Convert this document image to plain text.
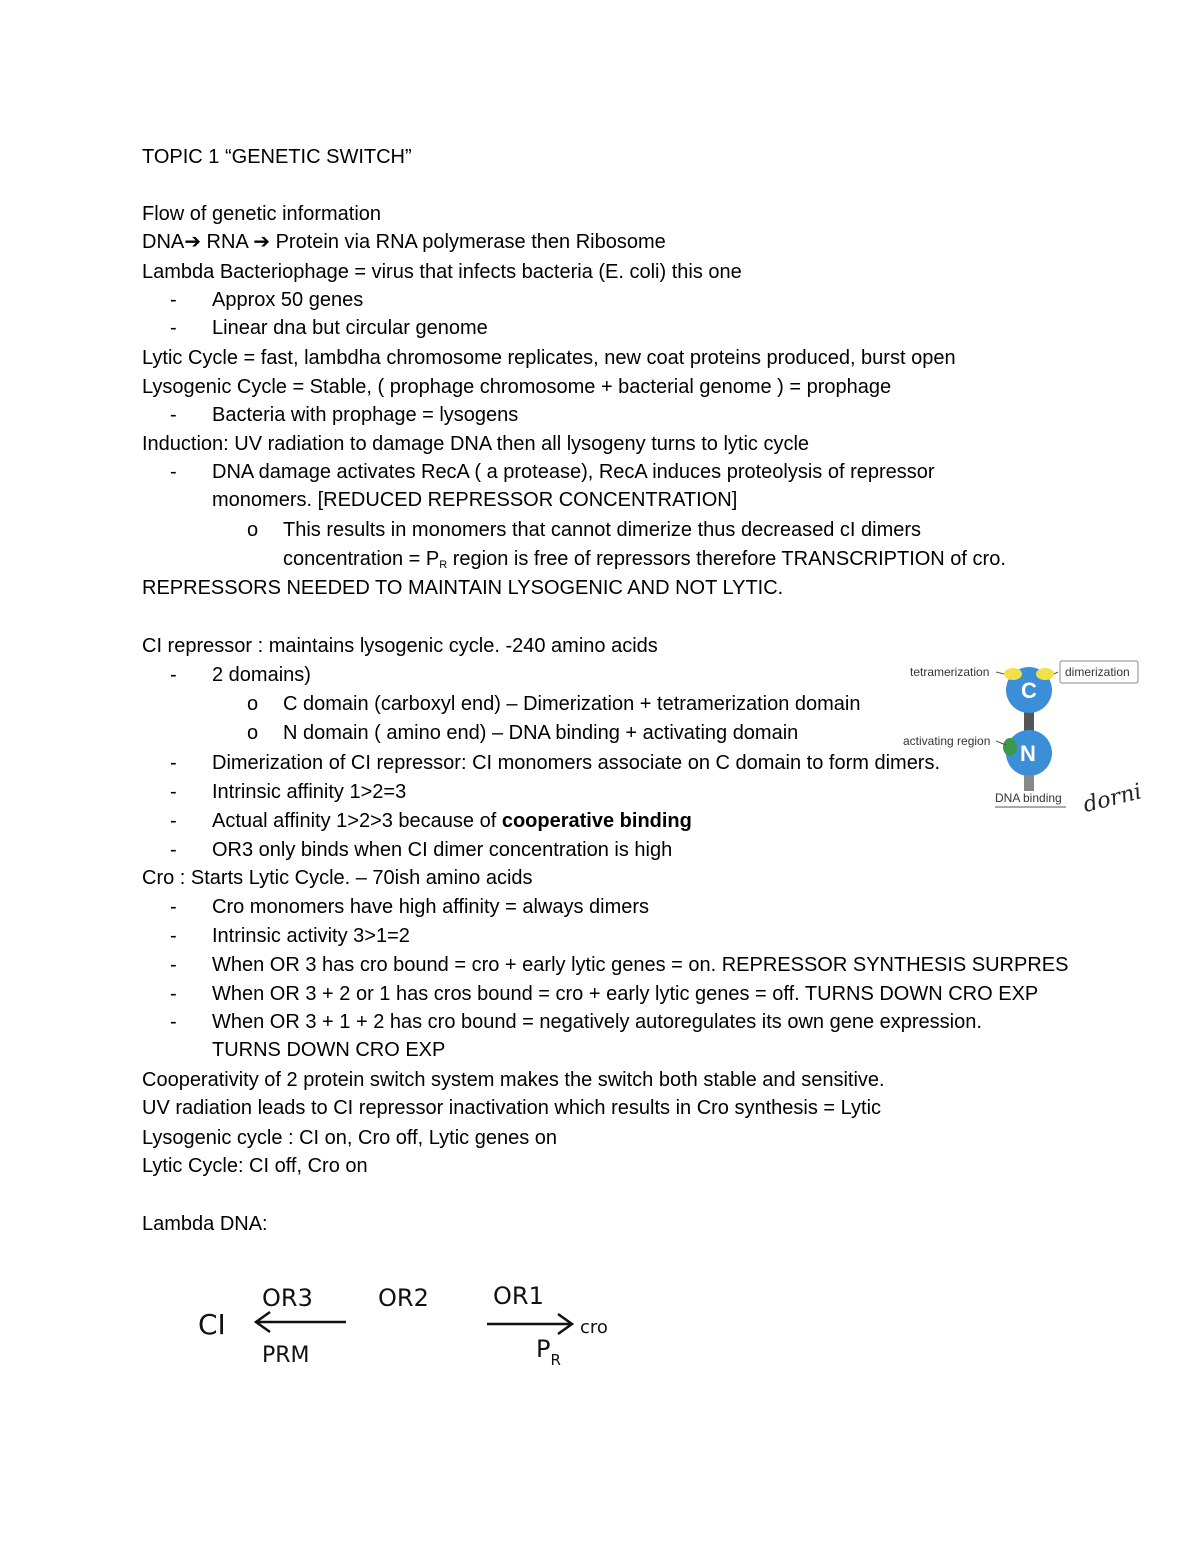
TOPIC 1 “GENETIC SWITCH”
Flow of genetic information
DNA➔ RNA ➔ Protein via RNA polymerase then Ribosome
Lambda Bacteriophage = virus that infects bacteria (E. coli) this one
- Approx 50 genes
- Linear dna but circular genome
Lytic Cycle = fast, lambdha chromosome replicates, new coat proteins produced, burst open
Lysogenic Cycle = Stable, ( prophage chromosome + bacterial genome ) = prophage
- Bacteria with prophage = lysogens
Induction: UV radiation to damage DNA then all lysogeny turns to lytic cycle
- DNA damage activates RecA ( a protease), RecA induces proteolysis of repressor
monomers. [REDUCED REPRESSOR CONCENTRATION]
o This results in monomers that cannot dimerize thus decreased cI dimers
concentration = $P_R$ region is free of repressors therefore TRANSCRIPTION of cro.
REPRESSORS NEEDED TO MAINTAIN LYSOGENIC AND NOT LYTIC.
CI repressor : maintains lysogenic cycle. -240 amino acids
- 2 domains)
o C domain (carboxyl end) – Dimerization + tetramerization domain
o N domain ( amino end) – DNA binding + activating domain
- Dimerization of CI repressor: CI monomers associate on C domain to form dimers.
- Intrinsic affinity 1>2=3
- Actual affinity 1>2>3 because of cooperative binding
- OR3 only binds when CI dimer concentration is high
Cro : Starts Lytic Cycle. – 70ish amino acids
- Cro monomers have high affinity = always dimers
- Intrinsic activity 3>1=2
- When OR 3 has cro bound = cro + early lytic genes = on. REPRESSOR SYNTHESIS SURPRES
- When OR 3 + 2 or 1 has cros bound = cro + early lytic genes = off. TURNS DOWN CRO EXP
- When OR 3 + 1 + 2 has cro bound = negatively autoregulates its own gene expression.
TURNS DOWN CRO EXP
Cooperativity of 2 protein switch system makes the switch both stable and sensitive.
UV radiation leads to CI repressor inactivation which results in Cro synthesis = Lytic
Lysogenic cycle : CI on, Cro off, Lytic genes on
Lytic Cycle: CI off, Cro on
Lambda DNA:
dimerization
tetramerization
C
N
activating region
DNA binding dorni
CI
OR3	OR2	OR1
cro
PRM	$P_R$
